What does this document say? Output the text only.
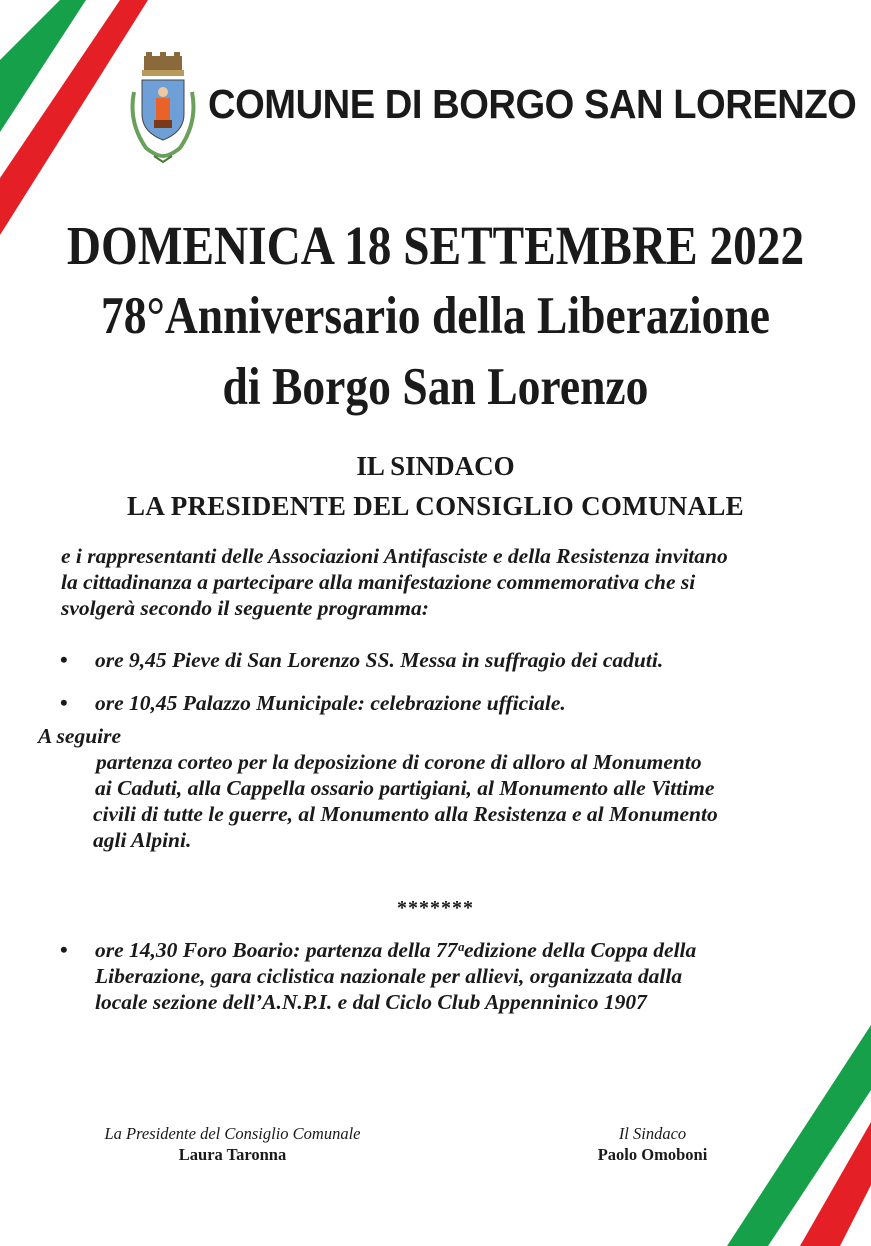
COMUNE DI BORGO SAN LORENZO
DOMENICA 18 SETTEMBRE 2022
78°Anniversario della Liberazione
di Borgo San Lorenzo
IL SINDACO
LA PRESIDENTE DEL CONSIGLIO COMUNALE
e i rappresentanti delle Associazioni Antifasciste e della Resistenza invitano
la cittadinanza a partecipare alla manifestazione commemorativa che si
svolgerà secondo il seguente programma:
• ore 9,45 Pieve di San Lorenzo SS. Messa in suffragio dei caduti.
• ore 10,45 Palazzo Municipale: celebrazione ufficiale.
A seguire
partenza corteo per la deposizione di corone di alloro al Monumento
ai Caduti, alla Cappella ossario partigiani, al Monumento alle Vittime
civili di tutte le guerre, al Monumento alla Resistenza e al Monumento
agli Alpini.
*******
• ore 14,30 Foro Boario: partenza della 77ᵃedizione della Coppa della
Liberazione, gara ciclistica nazionale per allievi, organizzata dalla
locale sezione dell’A.N.P.I. e dal Ciclo Club Appenninico 1907
La Presidente del Consiglio Comunale
Laura Taronna
Il Sindaco
Paolo Omoboni
